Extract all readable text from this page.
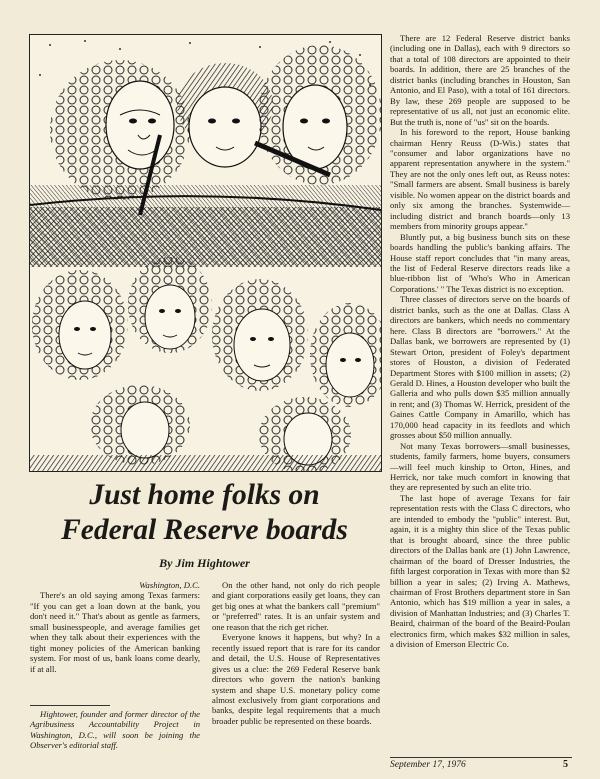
Just home folks on
Federal Reserve boards
By Jim Hightower

Washington, D.C.

There's an old saying among Texas farmers: "If you can get a loan down at the bank, you don't need it." That's about as gentle as farmers, small businesspeople, and average families get when they talk about their experiences with the tight money policies of the American banking system. For most of us, bank loans come dearly, if at all.

Hightower, founder and former director of the Agribusiness Accountability Project in Washington, D.C., will soon be joining the Observer's editorial staff.

On the other hand, not only do rich people and giant corporations easily get loans, they can get big ones at what the bankers call "premium" or "preferred" rates. It is an unfair system and one reason that the rich get richer.

Everyone knows it happens, but why? In a recently issued report that is rare for its candor and detail, the U.S. House of Representatives gives us a clue: the 269 Federal Reserve bank directors who govern the nation's banking system and shape U.S. monetary policy come almost exclusively from giant corporations and banks, despite legal requirements that a much broader public be represented on these boards.

There are 12 Federal Reserve district banks (including one in Dallas), each with 9 directors so that a total of 108 directors are appointed to their boards. In addition, there are 25 branches of the district banks (including branches in Houston, San Antonio, and El Paso), with a total of 161 directors. By law, these 269 people are supposed to be representative of us all, not just an economic elite. But the truth is, none of "us" sit on the boards.

In his foreword to the report, House banking chairman Henry Reuss (D-Wis.) states that "consumer and labor organizations have no apparent representation anywhere in the system." They are not the only ones left out, as Reuss notes: "Small farmers are absent. Small business is barely visible. No women appear on the district boards and only six among the branches. Systemwide—including district and branch boards—only 13 members from minority groups appear."

Bluntly put, a big business bunch sits on these boards handling the public's banking affairs. The House staff report concludes that "in many areas, the list of Federal Reserve directors reads like a blue-ribbon list of 'Who's Who in American Corporations.' " The Texas district is no exception.

Three classes of directors serve on the boards of district banks, such as the one at Dallas. Class A directors are bankers, which needs no commentary here. Class B directors are "borrowers." At the Dallas bank, we borrowers are represented by (1) Stewart Orton, president of Foley's department stores of Houston, a division of Federated Department Stores with $100 million in assets; (2) Gerald D. Hines, a Houston developer who built the Galleria and who pulls down $35 million annually in rent; and (3) Thomas W. Herrick, president of the Gaines Cattle Company in Amarillo, which has 170,000 head capacity in its feedlots and which grosses about $50 million annually.

Not many Texas borrowers—small businesses, students, family farmers, home buyers, consumers—will feel much kinship to Orton, Hines, and Herrick, nor take much comfort in knowing that they are represented by such an elite trio.

The last hope of average Texans for fair representation rests with the Class C directors, who are intended to embody the "public" interest. But, again, it is a mighty thin slice of the Texas public that is brought aboard, since the three public directors of the Dallas bank are (1) John Lawrence, chairman of the board of Dresser Industries, the fifth largest corporation in Texas with more than $2 billion a year in sales; (2) Irving A. Mathews, chairman of Frost Brothers department store in San Antonio, which has $19 million a year in sales, a division of Manhattan Industries; and (3) Charles T. Beaird, chairman of the board of the Beaird-Poulan electronics firm, which makes $32 million in sales, a division of Emerson Electric Co.

September 17, 1976	5
